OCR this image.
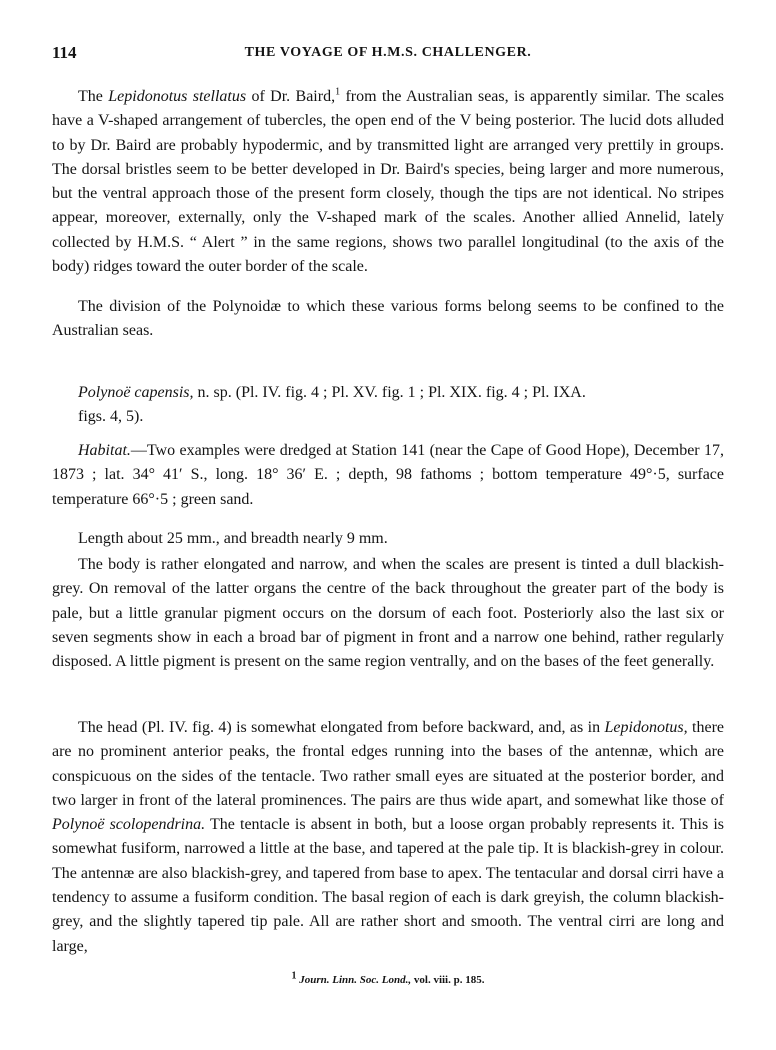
114	THE VOYAGE OF H.M.S. CHALLENGER.

The Lepidonotus stellatus of Dr. Baird,$^1$ from the Australian seas, is apparently similar. The scales have a V-shaped arrangement of tubercles, the open end of the V being posterior. The lucid dots alluded to by Dr. Baird are probably hypodermic, and by transmitted light are arranged very prettily in groups. The dorsal bristles seem to be better developed in Dr. Baird's species, being larger and more numerous, but the ventral approach those of the present form closely, though the tips are not identical. No stripes appear, moreover, externally, only the V-shaped mark of the scales. Another allied Annelid, lately collected by H.M.S. “ Alert ” in the same regions, shows two parallel longitudinal (to the axis of the body) ridges toward the outer border of the scale.

The division of the Polynoidæ to which these various forms belong seems to be confined to the Australian seas.

Polynoë capensis, n. sp. (Pl. IV. fig. 4 ; Pl. XV. fig. 1 ; Pl. XIX. fig. 4 ; Pl. IXA.
figs. 4, 5).

Habitat.—Two examples were dredged at Station 141 (near the Cape of Good Hope), December 17, 1873 ; lat. 34° 41′ S., long. 18° 36′ E. ; depth, 98 fathoms ; bottom temperature 49°·5, surface temperature 66°·5 ; green sand.

Length about 25 mm., and breadth nearly 9 mm.

The body is rather elongated and narrow, and when the scales are present is tinted a dull blackish-grey. On removal of the latter organs the centre of the back throughout the greater part of the body is pale, but a little granular pigment occurs on the dorsum of each foot. Posteriorly also the last six or seven segments show in each a broad bar of pigment in front and a narrow one behind, rather regularly disposed. A little pigment is present on the same region ventrally, and on the bases of the feet generally.

The head (Pl. IV. fig. 4) is somewhat elongated from before backward, and, as in Lepidonotus, there are no prominent anterior peaks, the frontal edges running into the bases of the antennæ, which are conspicuous on the sides of the tentacle. Two rather small eyes are situated at the posterior border, and two larger in front of the lateral prominences. The pairs are thus wide apart, and somewhat like those of Polynoë scolopendrina. The tentacle is absent in both, but a loose organ probably represents it. This is somewhat fusiform, narrowed a little at the base, and tapered at the pale tip. It is blackish-grey in colour. The antennæ are also blackish-grey, and tapered from base to apex. The tentacular and dorsal cirri have a tendency to assume a fusiform condition. The basal region of each is dark greyish, the column blackish-grey, and the slightly tapered tip pale. All are rather short and smooth. The ventral cirri are long and large,

$^1$ Journ. Linn. Soc. Lond., vol. viii. p. 185.
